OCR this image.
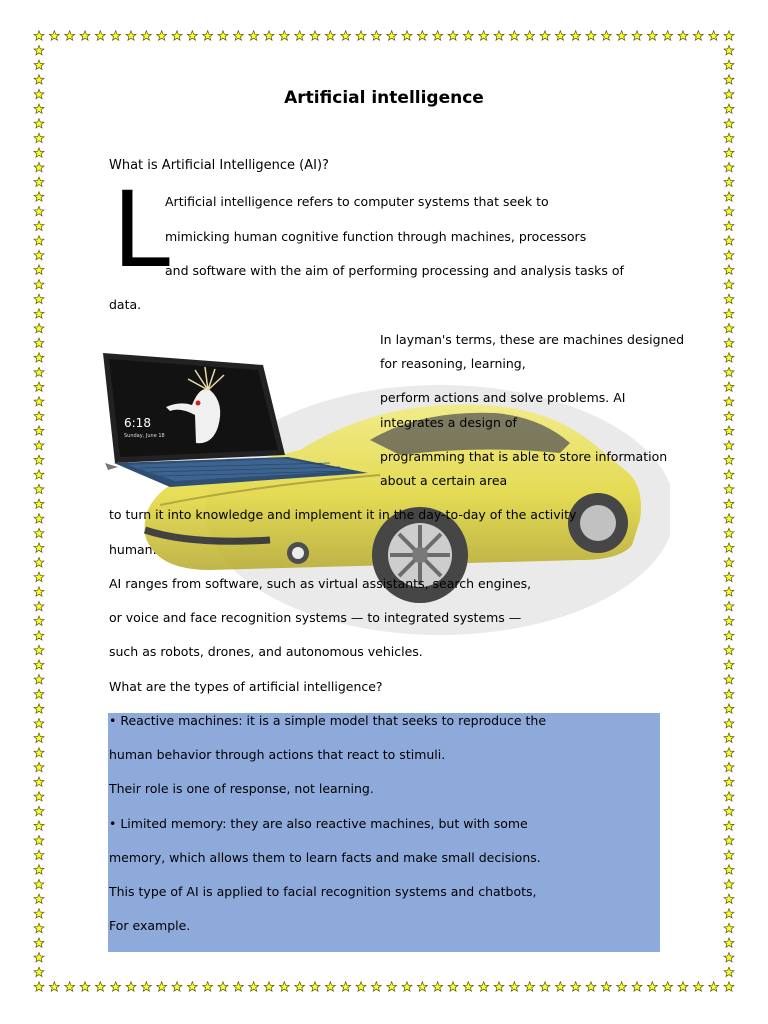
Artificial intelligence
What is Artificial Intelligence (AI)?
L
Artificial intelligence refers to computer systems that seek to
mimicking human cognitive function through machines, processors
and software with the aim of performing processing and analysis tasks of
data.
6:18
Sunday, June 18
In layman's terms, these are machines designed
for reasoning, learning,
perform actions and solve problems. AI
integrates a design of
programming that is able to store information
about a certain area
to turn it into knowledge and implement it in the day-to-day of the activity
human.
AI ranges from software, such as virtual assistants, search engines,
or voice and face recognition systems — to integrated systems —
such as robots, drones, and autonomous vehicles.
What are the types of artificial intelligence?
• Reactive machines: it is a simple model that seeks to reproduce the
human behavior through actions that react to stimuli.
Their role is one of response, not learning.
• Limited memory: they are also reactive machines, but with some
memory, which allows them to learn facts and make small decisions.
This type of AI is applied to facial recognition systems and chatbots,
For example.
